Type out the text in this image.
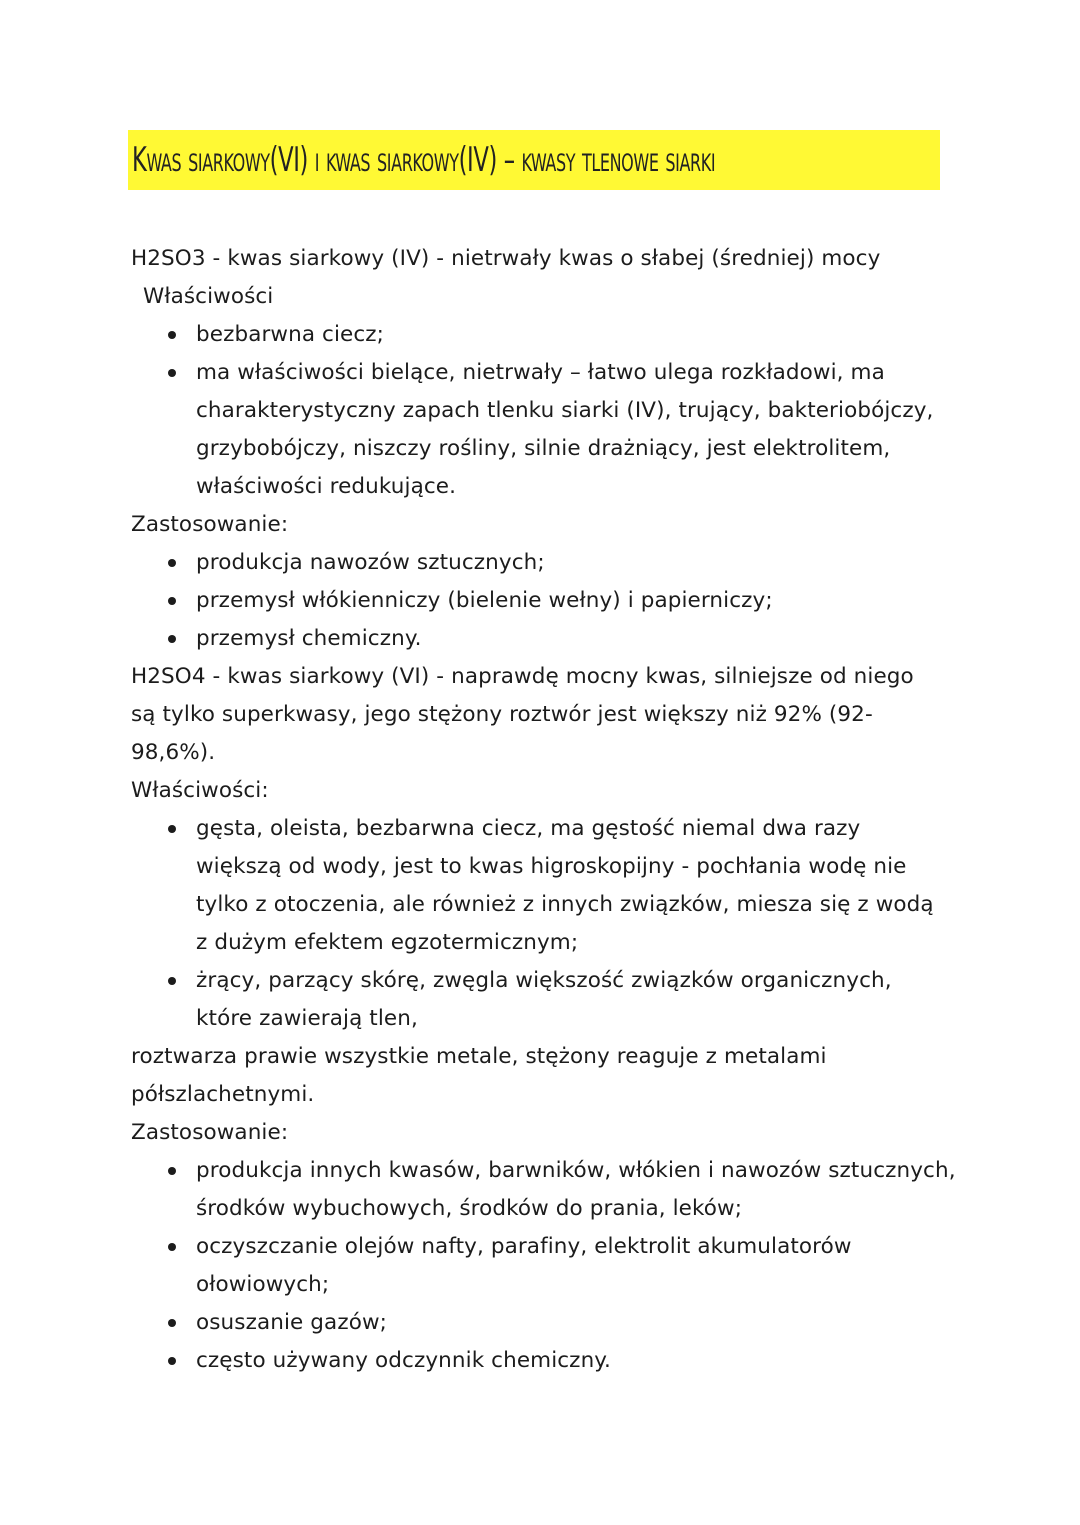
Kwas siarkowy(VI) i kwas siarkowy(IV) – kwasy tlenowe siarki
H2SO3 - kwas siarkowy (IV) - nietrwały kwas o słabej (średniej) mocy
Właściwości
bezbarwna ciecz;
ma właściwości bielące, nietrwały – łatwo ulega rozkładowi, ma charakterystyczny zapach tlenku siarki (IV), trujący, bakteriobójczy, grzybobójczy, niszczy rośliny, silnie drażniący, jest elektrolitem, właściwości redukujące.
Zastosowanie:
produkcja nawozów sztucznych;
przemysł włókienniczy (bielenie wełny) i papierniczy;
przemysł chemiczny.
H2SO4 - kwas siarkowy (VI) - naprawdę mocny kwas, silniejsze od niego są tylko superkwasy, jego stężony roztwór jest większy niż 92% (92-98,6%).
Właściwości:
gęsta, oleista, bezbarwna ciecz, ma gęstość niemal dwa razy większą od wody, jest to kwas higroskopijny - pochłania wodę nie tylko z otoczenia, ale również z innych związków, miesza się z wodą z dużym efektem egzotermicznym;
żrący, parzący skórę, zwęgla większość związków organicznych, które zawierają tlen,
roztwarza prawie wszystkie metale, stężony reaguje z metalami półszlachetnymi.
Zastosowanie:
produkcja innych kwasów, barwników, włókien i nawozów sztucznych, środków wybuchowych, środków do prania, leków;
oczyszczanie olejów nafty, parafiny, elektrolit akumulatorów ołowiowych;
osuszanie gazów;
często używany odczynnik chemiczny.
